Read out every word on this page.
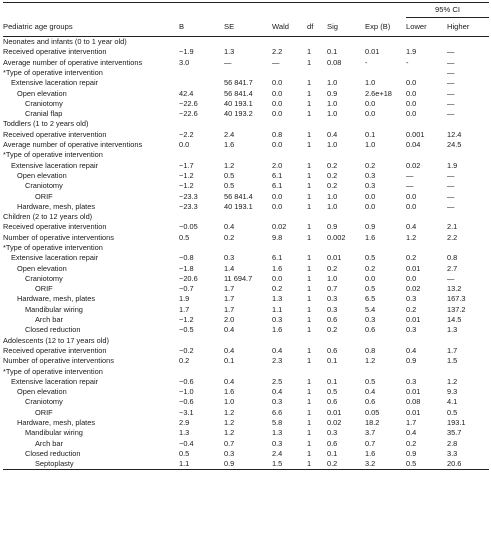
							95% CI	
Pediatric age groups	B	SE	Wald	df	Sig	Exp (B)	Lower	Higher
Neonates and infants (0 to 1 year old)								
Received operative intervention	−1.9	1.3	2.2	1	0.1	0.01	1.9	—
Average number of operative interventions	3.0	—	—	1	0.08	-	-	—
*Type of operative intervention								—
Extensive laceration repair		56 841.7	0.0	1	1.0	1.0	0.0	—
Open elevation	42.4	56 841.4	0.0	1	0.9	2.6e+18	0.0	—
Craniotomy	−22.6	40 193.1	0.0	1	1.0	0.0	0.0	—
Cranial flap	−22.6	40 193.2	0.0	1	1.0	0.0	0.0	—
Toddlers (1 to 2 years old)								
Received operative intervention	−2.2	2.4	0.8	1	0.4	0.1	0.001	12.4
Average number of operative interventions	0.0	1.6	0.0	1	1.0	1.0	0.04	24.5
*Type of operative intervention								
Extensive laceration repair	−1.7	1.2	2.0	1	0.2	0.2	0.02	1.9
Open elevation	−1.2	0.5	6.1	1	0.2	0.3	—	—
Craniotomy	−1.2	0.5	6.1	1	0.2	0.3	—	—
ORIF	−23.3	56 841.4	0.0	1	1.0	0.0	0.0	—
Hardware, mesh, plates	−23.3	40 193.1	0.0	1	1.0	0.0	0.0	—
Children (2 to 12 years old)								
Received operative intervention	−0.05	0.4	0.02	1	0.9	0.9	0.4	2.1
Number of operative interventions	0.5	0.2	9.8	1	0.002	1.6	1.2	2.2
*Type of operative intervention								
Extensive laceration repair	−0.8	0.3	6.1	1	0.01	0.5	0.2	0.8
Open elevation	−1.8	1.4	1.6	1	0.2	0.2	0.01	2.7
Craniotomy	−20.6	11 694.7	0.0	1	1.0	0.0	0.0	—
ORIF	−0.7	1.7	0.2	1	0.7	0.5	0.02	13.2
Hardware, mesh, plates	1.9	1.7	1.3	1	0.3	6.5	0.3	167.3
Mandibular wiring	1.7	1.7	1.1	1	0.3	5.4	0.2	137.2
Arch bar	−1.2	2.0	0.3	1	0.6	0.3	0.01	14.5
Closed reduction	−0.5	0.4	1.6	1	0.2	0.6	0.3	1.3
Adolescents (12 to 17 years old)								
Received operative intervention	−0.2	0.4	0.4	1	0.6	0.8	0.4	1.7
Number of operative interventions	0.2	0.1	2.3	1	0.1	1.2	0.9	1.5
*Type of operative intervention								
Extensive laceration repair	−0.6	0.4	2.5	1	0.1	0.5	0.3	1.2
Open elevation	−1.0	1.6	0.4	1	0.5	0.4	0.01	9.3
Craniotomy	−0.6	1.0	0.3	1	0.6	0.6	0.08	4.1
ORIF	−3.1	1.2	6.6	1	0.01	0.05	0.01	0.5
Hardware, mesh, plates	2.9	1.2	5.8	1	0.02	18.2	1.7	193.1
Mandibular wiring	1.3	1.2	1.3	1	0.3	3.7	0.4	35.7
Arch bar	−0.4	0.7	0.3	1	0.6	0.7	0.2	2.8
Closed reduction	0.5	0.3	2.4	1	0.1	1.6	0.9	3.3
Septoplasty	1.1	0.9	1.5	1	0.2	3.2	0.5	20.6
